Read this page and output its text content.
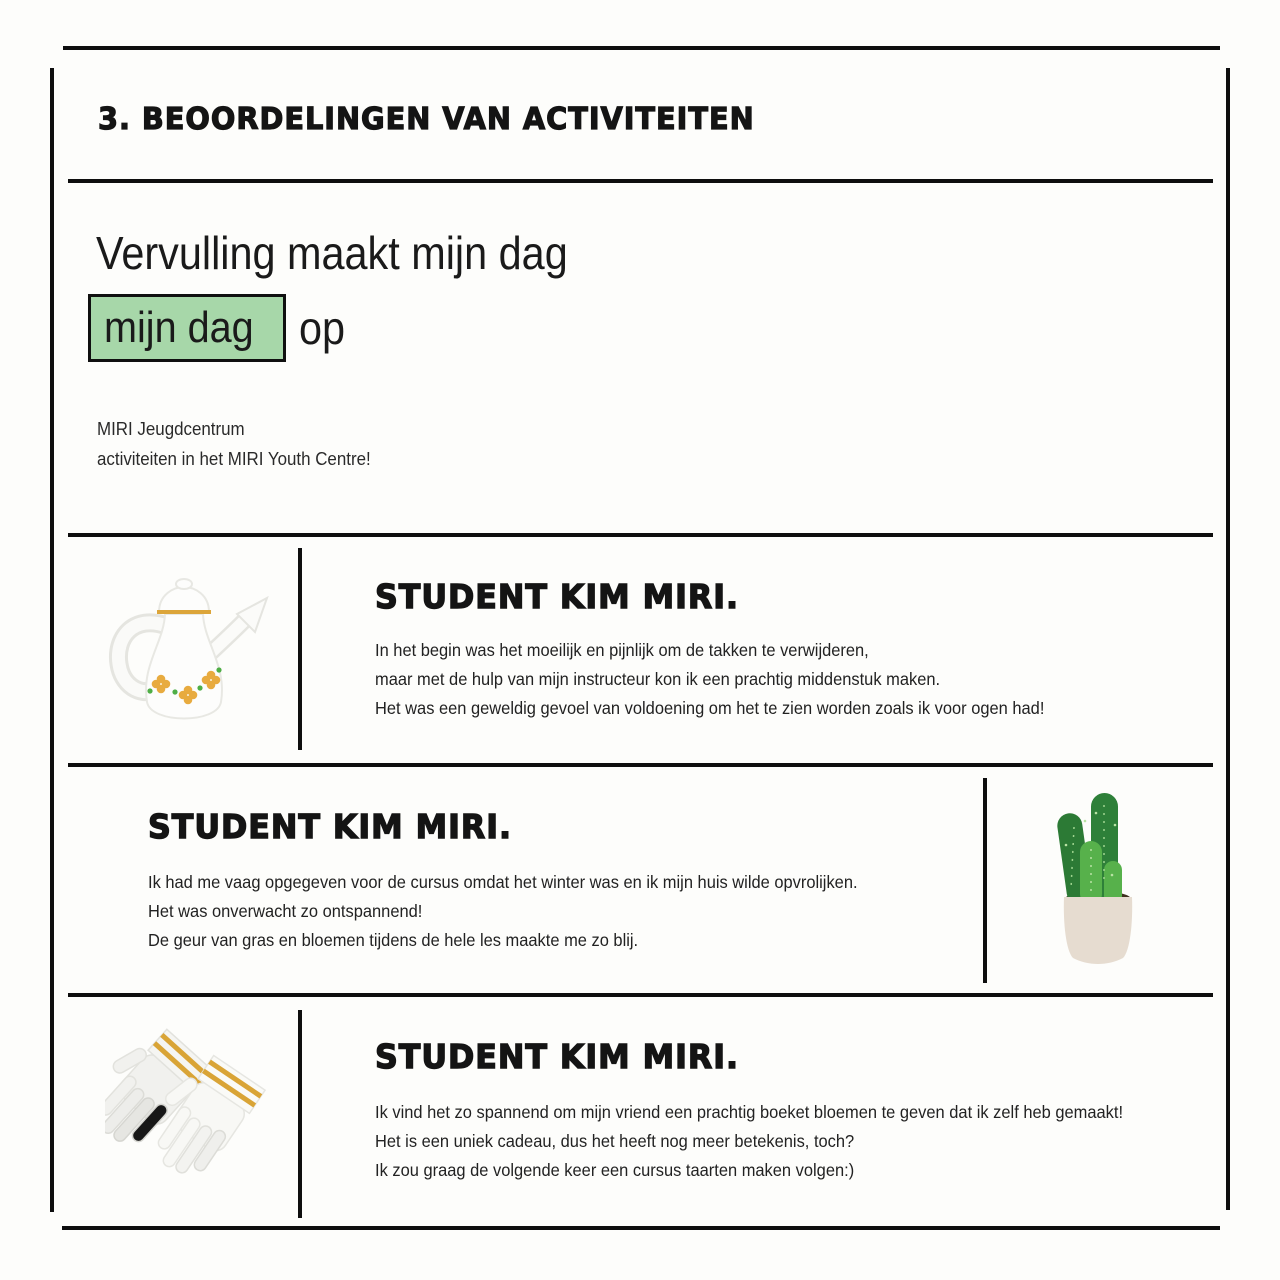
3. BEOORDELINGEN VAN ACTIVITEITEN
Vervulling maakt mijn dag
mijn dag op
MIRI Jeugdcentrum
activiteiten in het MIRI Youth Centre!
STUDENT KIM MIRI.
In het begin was het moeilijk en pijnlijk om de takken te verwijderen,
maar met de hulp van mijn instructeur kon ik een prachtig middenstuk maken.
Het was een geweldig gevoel van voldoening om het te zien worden zoals ik voor ogen had!
STUDENT KIM MIRI.
Ik had me vaag opgegeven voor de cursus omdat het winter was en ik mijn huis wilde opvrolijken.
Het was onverwacht zo ontspannend!
De geur van gras en bloemen tijdens de hele les maakte me zo blij.
STUDENT KIM MIRI.
Ik vind het zo spannend om mijn vriend een prachtig boeket bloemen te geven dat ik zelf heb gemaakt!
Het is een uniek cadeau, dus het heeft nog meer betekenis, toch?
Ik zou graag de volgende keer een cursus taarten maken volgen:)
